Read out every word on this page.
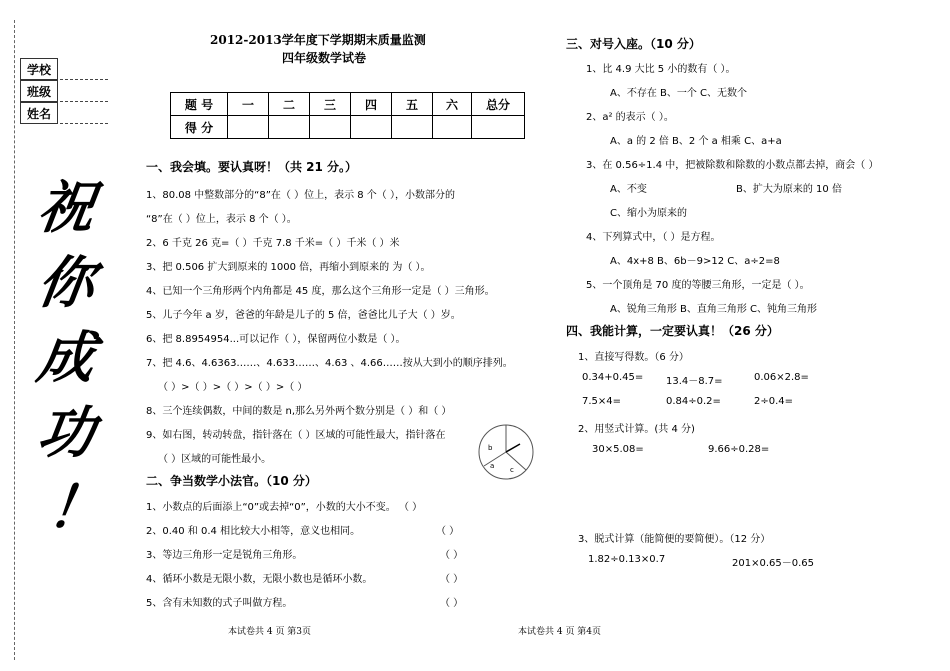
2012-2013学年度下学期期末质量监测
四年级数学试卷
学校
班级
姓名
祝
你
成
功
！
题 号	一	二	三	四	五	六	总分
得 分							
一、我会填。要认真呀！（共 21 分。）
1、80.08 中整数部分的“8”在（ ）位上，表示 8 个（ ），小数部分的
“8”在（ ）位上，表示 8 个（ ）。
2、6 千克 26 克=（ ）千克 7.8 千米=（ ）千米（ ）米
3、把 0.506 扩大到原来的 1000 倍，再缩小到原来的 为（ ）。
4、已知一个三角形两个内角都是 45 度，那么这个三角形一定是（ ）三角形。
5、儿子今年 a 岁，爸爸的年龄是儿子的 5 倍，爸爸比儿子大（ ）岁。
6、把 8.8954954...可以记作（ ），保留两位小数是（ ）。
7、把 4.6、4.6363……、4.633……、4.63 、4.66……按从大到小的顺序排列。
（ ）>（ ）>（ ）>（ ）>（ ）
8、三个连续偶数，中间的数是 n,那么另外两个数分别是（ ）和（ ）
9、如右图，转动转盘，指针落在（ ）区域的可能性最大，指针落在
（ ）区域的可能性最小。
b
a c
二、争当数学小法官。（10 分）
1、小数点的后面添上“0”或去掉“0”，小数的大小不变。 （ ）
2、0.40 和 0.4 相比较大小相等，意义也相同。	（ ）
3、等边三角形一定是锐角三角形。	（ ）
4、循环小数是无限小数，无限小数也是循环小数。	（ ）
5、含有未知数的式子叫做方程。	（ ）
本试卷共 4 页 第3页
三、对号入座。（10 分）
1、比 4.9 大比 5 小的数有（ ）。
A、不存在 B、一个 C、无数个
2、a² 的表示（ ）。
A、a 的 2 倍 B、2 个 a 相乘 C、a+a
3、在 0.56÷1.4 中，把被除数和除数的小数点都去掉，商会（ ）
A、不变	B、扩大为原来的 10 倍
C、缩小为原来的
4、下列算式中，（ ）是方程。
A、4x+8 B、6b－9>12 C、a÷2=8
5、一个顶角是 70 度的等腰三角形，一定是（ ）。
A、锐角三角形 B、直角三角形 C、钝角三角形
四、我能计算，一定要认真！（26 分）
1、直接写得数。（6 分）
0.34+0.45= 13.4－8.7=	0.06×2.8=
7.5×4=	0.84÷0.2=	2÷0.4=
2、用竖式计算。(共 4 分)
30×5.08=	9.66÷0.28=
3、脱式计算（能简便的要简便）。（12 分）
1.82÷0.13×0.7	201×0.65－0.65
本试卷共 4 页 第4页
